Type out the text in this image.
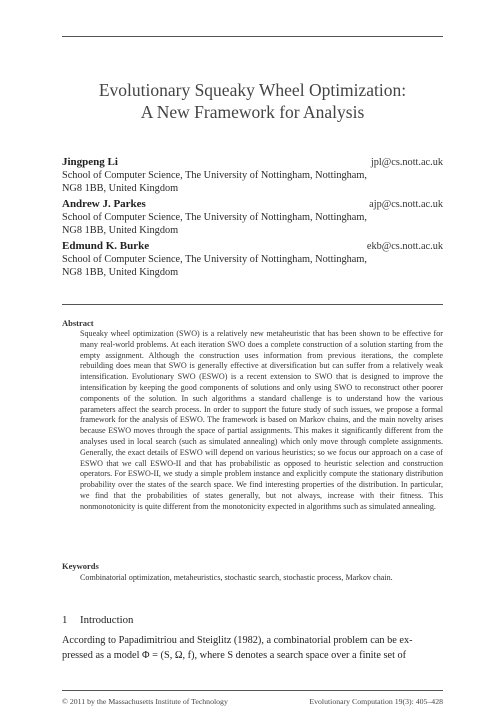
Evolutionary Squeaky Wheel Optimization:
A New Framework for Analysis
Jingpeng Li	jpl@cs.nott.ac.uk
School of Computer Science, The University of Nottingham, Nottingham,
NG8 1BB, United Kingdom
Andrew J. Parkes	ajp@cs.nott.ac.uk
School of Computer Science, The University of Nottingham, Nottingham,
NG8 1BB, United Kingdom
Edmund K. Burke	ekb@cs.nott.ac.uk
School of Computer Science, The University of Nottingham, Nottingham,
NG8 1BB, United Kingdom
Abstract
Squeaky wheel optimization (SWO) is a relatively new metaheuristic that has been shown to be effective for many real-world problems. At each iteration SWO does a complete construction of a solution starting from the empty assignment. Although the construction uses information from previous iterations, the complete rebuilding does mean that SWO is generally effective at diversification but can suffer from a relatively weak intensification. Evolutionary SWO (ESWO) is a recent extension to SWO that is designed to improve the intensification by keeping the good components of solutions and only using SWO to reconstruct other poorer components of the solution. In such algorithms a standard challenge is to understand how the various parameters affect the search process. In order to support the future study of such issues, we propose a formal framework for the analysis of ESWO. The framework is based on Markov chains, and the main novelty arises because ESWO moves through the space of partial assignments. This makes it significantly different from the analyses used in local search (such as simulated annealing) which only move through complete assignments. Generally, the exact details of ESWO will depend on various heuristics; so we focus our approach on a case of ESWO that we call ESWO-II and that has probabilistic as opposed to heuristic selection and construction operators. For ESWO-II, we study a simple problem instance and explicitly compute the stationary distribution probability over the states of the search space. We find interesting properties of the distribution. In particular, we find that the probabilities of states generally, but not always, increase with their fitness. This nonmonotonicity is quite different from the monotonicity expected in algorithms such as simulated annealing.
Keywords
Combinatorial optimization, metaheuristics, stochastic search, stochastic process, Markov chain.
1 Introduction
According to Papadimitriou and Steiglitz (1982), a combinatorial problem can be ex-
pressed as a model Φ = (S, Ω, f), where S denotes a search space over a finite set of
© 2011 by the Massachusetts Institute of Technology	Evolutionary Computation 19(3): 405–428
